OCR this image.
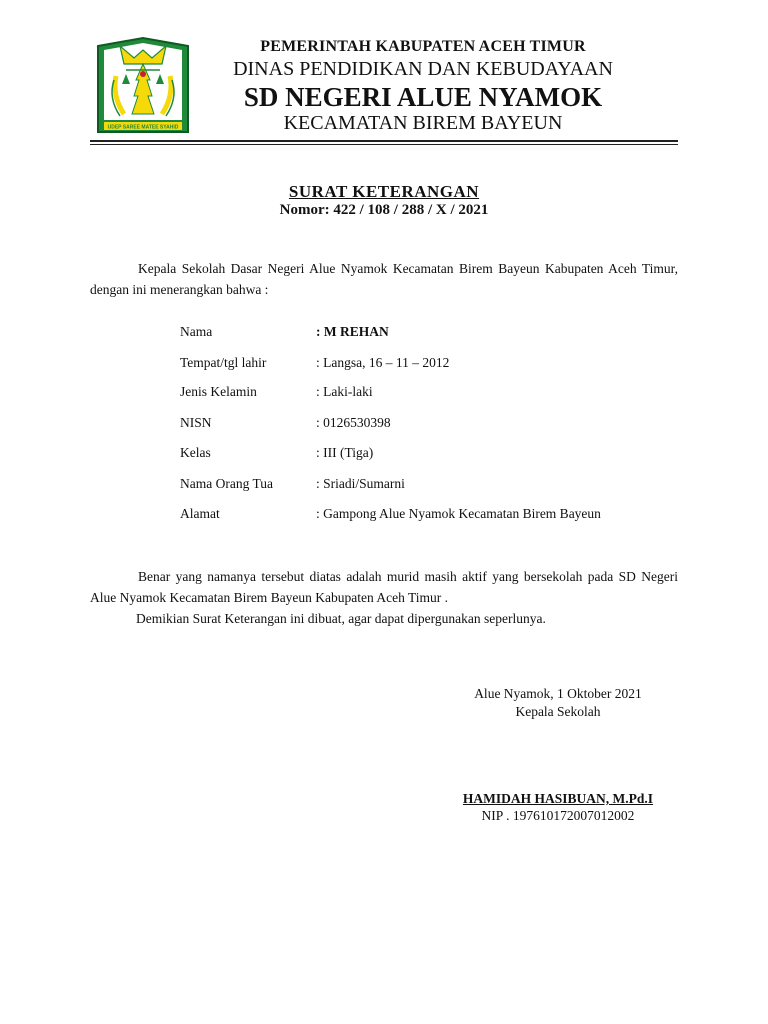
UDEP SAREE MATEE SYAHID
PEMERINTAH KABUPATEN ACEH TIMUR
DINAS PENDIDIKAN DAN KEBUDAYAAN
SD NEGERI ALUE NYAMOK
KECAMATAN BIREM BAYEUN
SURAT KETERANGAN
Nomor: 422 / 108 / 288 / X / 2021
Kepala Sekolah Dasar Negeri Alue Nyamok Kecamatan Birem Bayeun Kabupaten Aceh Timur, dengan ini menerangkan bahwa :
Nama	: M REHAN
Tempat/tgl lahir	: Langsa, 16 – 11 – 2012
Jenis Kelamin	: Laki-laki
NISN	: 0126530398
Kelas	: III (Tiga)
Nama Orang Tua	: Sriadi/Sumarni
Alamat	: Gampong Alue Nyamok Kecamatan Birem Bayeun
Benar yang namanya tersebut diatas adalah murid masih aktif yang bersekolah pada SD Negeri Alue Nyamok Kecamatan Birem Bayeun Kabupaten Aceh Timur .
Demikian Surat Keterangan ini dibuat, agar dapat dipergunakan seperlunya.
Alue Nyamok, 1 Oktober 2021
Kepala Sekolah
HAMIDAH HASIBUAN, M.Pd.I
NIP . 197610172007012002
